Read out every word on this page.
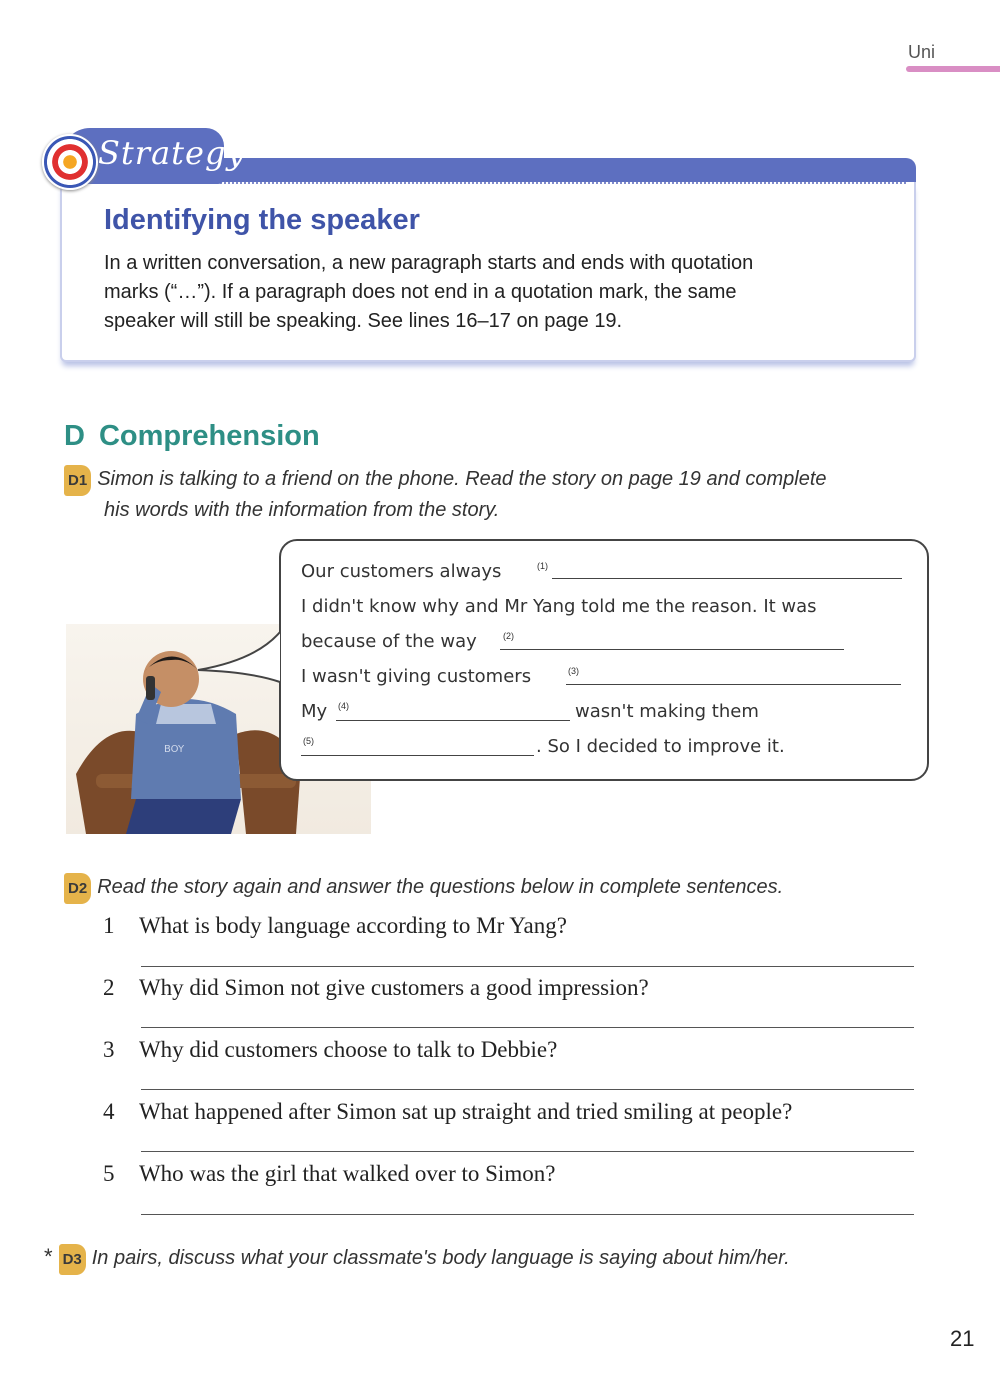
Uni
Strategy
Identifying the speaker
In a written conversation, a new paragraph starts and ends with quotation
marks (“…”). If a paragraph does not end in a quotation mark, the same
speaker will still be speaking. See lines 16–17 on page 19.
D Comprehension
D1 Simon is talking to a friend on the phone. Read the story on page 19 and complete
his words with the information from the story.
BOY
Our customers always	(1)
I didn't know why and Mr Yang told me the reason. It was
because of the way	(2)
I wasn't giving customers	(3)
My (4)	wasn't making them
(5)	. So I decided to improve it.
D2 Read the story again and answer the questions below in complete sentences.
1 What is body language according to Mr Yang?
2 Why did Simon not give customers a good impression?
3 Why did customers choose to talk to Debbie?
4 What happened after Simon sat up straight and tried smiling at people?
5 Who was the girl that walked over to Simon?
* D3 In pairs, discuss what your classmate's body language is saying about him/her.
21
